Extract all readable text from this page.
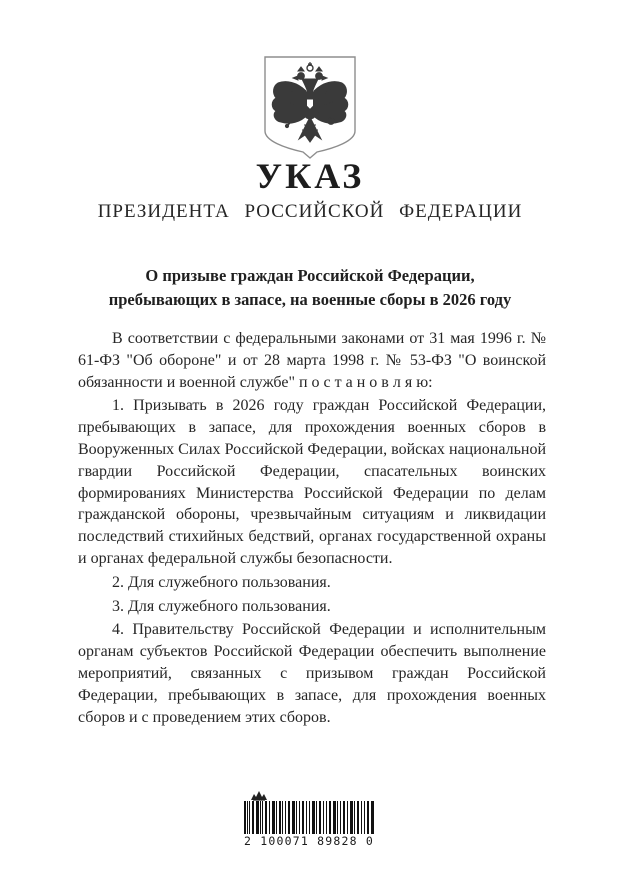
УКАЗ
ПРЕЗИДЕНТА РОССИЙСКОЙ ФЕДЕРАЦИИ
О призыве граждан Российской Федерации,
пребывающих в запасе, на военные сборы в 2026 году

В соответствии с федеральными законами от 31 мая 1996 г. № 61-ФЗ "Об обороне" и от 28 марта 1998 г. № 53-ФЗ "О воинской обязанности и военной службе" п о с т а н о в л я ю:

1. Призывать в 2026 году граждан Российской Федерации, пребывающих в запасе, для прохождения военных сборов в Вооруженных Силах Российской Федерации, войсках национальной гвардии Российской Федерации, спасательных воинских формированиях Министерства Российской Федерации по делам гражданской обороны, чрезвычайным ситуациям и ликвидации последствий стихийных бедствий, органах государственной охраны и органах федеральной службы безопасности.

2. Для служебного пользования.

3. Для служебного пользования.

4. Правительству Российской Федерации и исполнительным органам субъектов Российской Федерации обеспечить выполнение мероприятий, связанных с призывом граждан Российской Федерации, пребывающих в запасе, для прохождения военных сборов и с проведением этих сборов.

2 100071 89828 0
